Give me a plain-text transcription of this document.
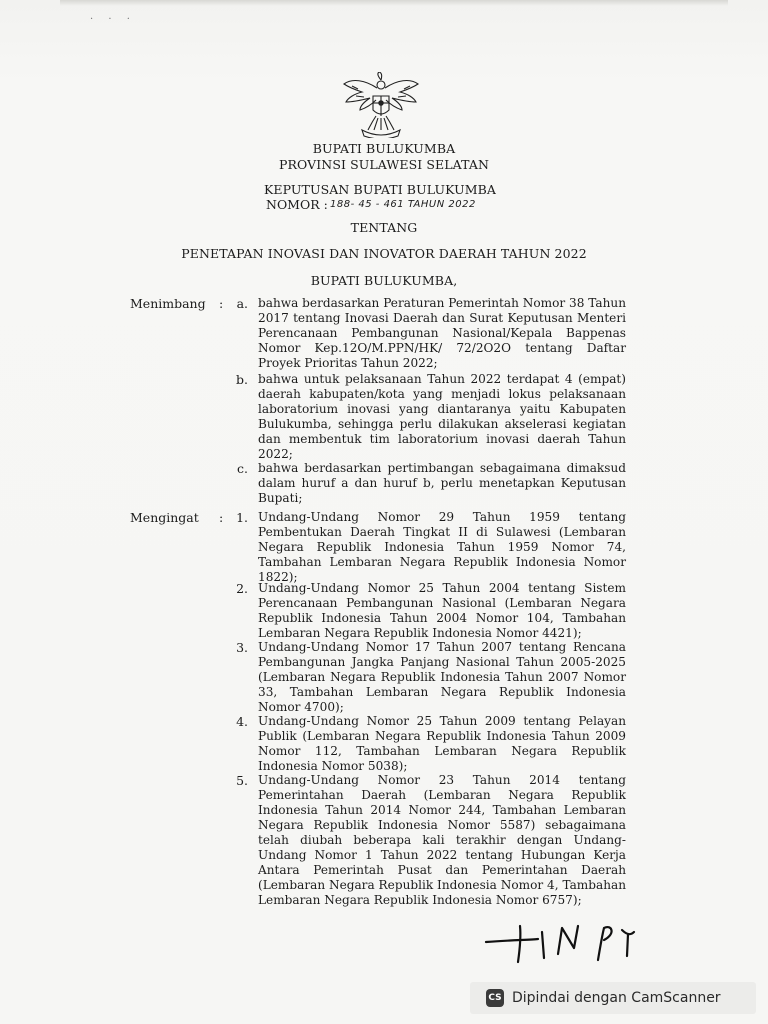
· · ·
BUPATI BULUKUMBA
PROVINSI SULAWESI SELATAN
KEPUTUSAN BUPATI BULUKUMBA
NOMOR : 188- 45 - 461 TAHUN 2022
TENTANG
PENETAPAN INOVASI DAN INOVATOR DAERAH TAHUN 2022
BUPATI BULUKUMBA,
Menimbang :	a. bahwa berdasarkan Peraturan Pemerintah Nomor 38 Tahun 2017 tentang Inovasi Daerah dan Surat Keputusan Menteri Perencanaan Pembangunan Nasional/Kepala Bappenas Nomor Kep.12O/M.PPN/HK/ 72/2O2O tentang Daftar Proyek Prioritas Tahun 2022;
b. bahwa untuk pelaksanaan Tahun 2022 terdapat 4 (empat) daerah kabupaten/kota yang menjadi lokus pelaksanaan laboratorium inovasi yang diantaranya yaitu Kabupaten Bulukumba, sehingga perlu dilakukan akselerasi kegiatan dan membentuk tim laboratorium inovasi daerah Tahun 2022;
c. bahwa berdasarkan pertimbangan sebagaimana dimaksud dalam huruf a dan huruf b, perlu menetapkan Keputusan Bupati;
Mengingat :	1. Undang-Undang Nomor 29 Tahun 1959 tentang Pembentukan Daerah Tingkat II di Sulawesi (Lembaran Negara Republik Indonesia Tahun 1959 Nomor 74, Tambahan Lembaran Negara Republik Indonesia Nomor 1822);
2. Undang-Undang Nomor 25 Tahun 2004 tentang Sistem Perencanaan Pembangunan Nasional (Lembaran Negara Republik Indonesia Tahun 2004 Nomor 104, Tambahan Lembaran Negara Republik Indonesia Nomor 4421);
3. Undang-Undang Nomor 17 Tahun 2007 tentang Rencana Pembangunan Jangka Panjang Nasional Tahun 2005-2025 (Lembaran Negara Republik Indonesia Tahun 2007 Nomor 33, Tambahan Lembaran Negara Republik Indonesia Nomor 4700);
4. Undang-Undang Nomor 25 Tahun 2009 tentang Pelayan Publik (Lembaran Negara Republik Indonesia Tahun 2009 Nomor 112, Tambahan Lembaran Negara Republik Indonesia Nomor 5038);
5. Undang-Undang Nomor 23 Tahun 2014 tentang Pemerintahan Daerah (Lembaran Negara Republik Indonesia Tahun 2014 Nomor 244, Tambahan Lembaran Negara Republik Indonesia Nomor 5587) sebagaimana telah diubah beberapa kali terakhir dengan Undang-Undang Nomor 1 Tahun 2022 tentang Hubungan Kerja Antara Pemerintah Pusat dan Pemerintahan Daerah (Lembaran Negara Republik Indonesia Nomor 4, Tambahan Lembaran Negara Republik Indonesia Nomor 6757);
CS Dipindai dengan CamScanner
